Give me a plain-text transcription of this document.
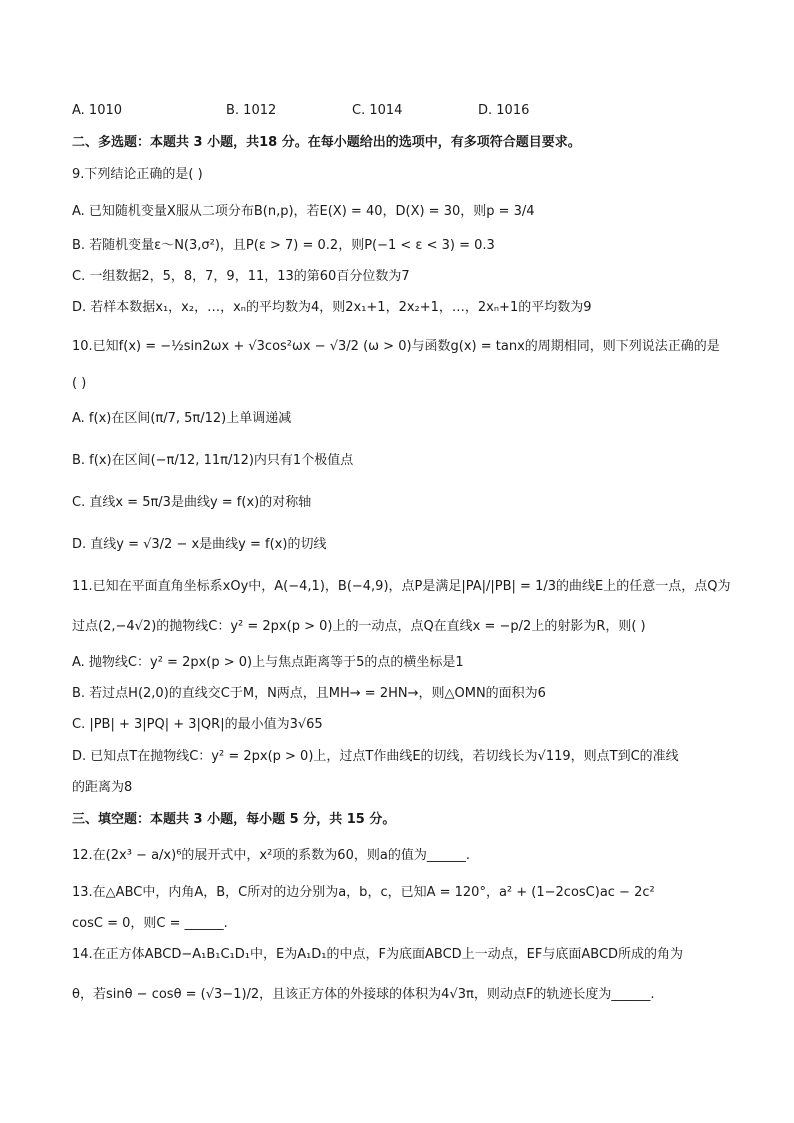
A. 1010	B. 1012	C. 1014	D. 1016
二、多选题：本题共 3 小题，共18 分。在每小题给出的选项中，有多项符合题目要求。
9.下列结论正确的是( )
A. 已知随机变量X服从二项分布B(n,p)，若E(X) = 40，D(X) = 30，则p = 3/4
B. 若随机变量ε～N(3,σ²)，且P(ε > 7) = 0.2，则P(−1 < ε < 3) = 0.3
C. 一组数据2，5，8，7，9，11，13的第60百分位数为7
D. 若样本数据x₁，x₂，…，xₙ的平均数为4，则2x₁+1，2x₂+1，…，2xₙ+1的平均数为9
10.已知f(x) = −½sin2ωx + √3cos²ωx − √3/2 (ω > 0)与函数g(x) = tanx的周期相同，则下列说法正确的是
( )
A. f(x)在区间(π/7, 5π/12)上单调递减
B. f(x)在区间(−π/12, 11π/12)内只有1个极值点
C. 直线x = 5π/3是曲线y = f(x)的对称轴
D. 直线y = √3/2 − x是曲线y = f(x)的切线
11.已知在平面直角坐标系xOy中，A(−4,1)，B(−4,9)，点P是满足|PA|/|PB| = 1/3的曲线E上的任意一点，点Q为
过点(2,−4√2)的抛物线C：y² = 2px(p > 0)上的一动点，点Q在直线x = −p/2上的射影为R，则( )
A. 抛物线C：y² = 2px(p > 0)上与焦点距离等于5的点的横坐标是1
B. 若过点H(2,0)的直线交C于M，N两点，且MH→ = 2HN→，则△OMN的面积为6
C. |PB| + 3|PQ| + 3|QR|的最小值为3√65
D. 已知点T在抛物线C：y² = 2px(p > 0)上，过点T作曲线E的切线，若切线长为√119，则点T到C的准线
的距离为8
三、填空题：本题共 3 小题，每小题 5 分，共 15 分。
12.在(2x³ − a/x)⁶的展开式中，x²项的系数为60，则a的值为______.
13.在△ABC中，内角A，B，C所对的边分别为a，b，c，已知A = 120°，a² + (1−2cosC)ac − 2c²
cosC = 0，则C = ______.
14.在正方体ABCD−A₁B₁C₁D₁中，E为A₁D₁的中点，F为底面ABCD上一动点，EF与底面ABCD所成的角为
θ，若sinθ − cosθ = (√3−1)/2，且该正方体的外接球的体积为4√3π，则动点F的轨迹长度为______.
